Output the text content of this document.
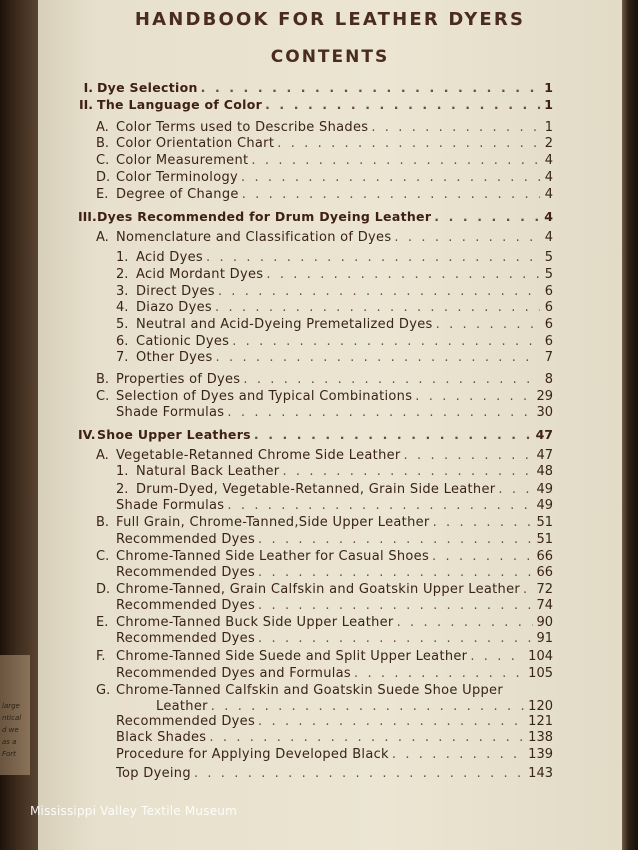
large
ntical
d we
as a
Fort
HANDBOOK FOR LEATHER DYERS
CONTENTS
I. Dye Selection . . .	1
II. The Language of Color . . .	1
A. Color Terms used to Describe Shades . . .	1
B. Color Orientation Chart . . .	2
C. Color Measurement . . .	4
D. Color Terminology . . .	4
E. Degree of Change . . .	4
III. Dyes Recommended for Drum Dyeing Leather . . .	4
A. Nomenclature and Classification of Dyes . . .	4
1. Acid Dyes . . .	5
2. Acid Mordant Dyes . . .	5
3. Direct Dyes . . .	6
4. Diazo Dyes . . .	6
5. Neutral and Acid-Dyeing Premetalized Dyes . . .	6
6. Cationic Dyes . . .	6
7. Other Dyes . . .	7
B. Properties of Dyes . . .	8
C. Selection of Dyes and Typical Combinations . . .	29
Shade Formulas . . .	30
IV. Shoe Upper Leathers . . .	47
A. Vegetable-Retanned Chrome Side Leather . . .	47
1. Natural Back Leather . . .	48
2. Drum-Dyed, Vegetable-Retanned, Grain Side Leather . . .	49
Shade Formulas . . .	49
B. Full Grain, Chrome-Tanned,Side Upper Leather . . .	51
Recommended Dyes . . .	51
C. Chrome-Tanned Side Leather for Casual Shoes . . .	66
Recommended Dyes . . .	66
D. Chrome-Tanned, Grain Calfskin and Goatskin Upper Leather . . . 72
Recommended Dyes . . .	74
E. Chrome-Tanned Buck Side Upper Leather . . .	90
Recommended Dyes . . .	91
F. Chrome-Tanned Side Suede and Split Upper Leather . . .	104
Recommended Dyes and Formulas . . .	105
G. Chrome-Tanned Calfskin and Goatskin Suede Shoe Upper
Leather . . .	120
Recommended Dyes . . .	121
Black Shades . . .	138
Procedure for Applying Developed Black . . .	139
Top Dyeing . . .	143
Mississippi Valley Textile Museum
